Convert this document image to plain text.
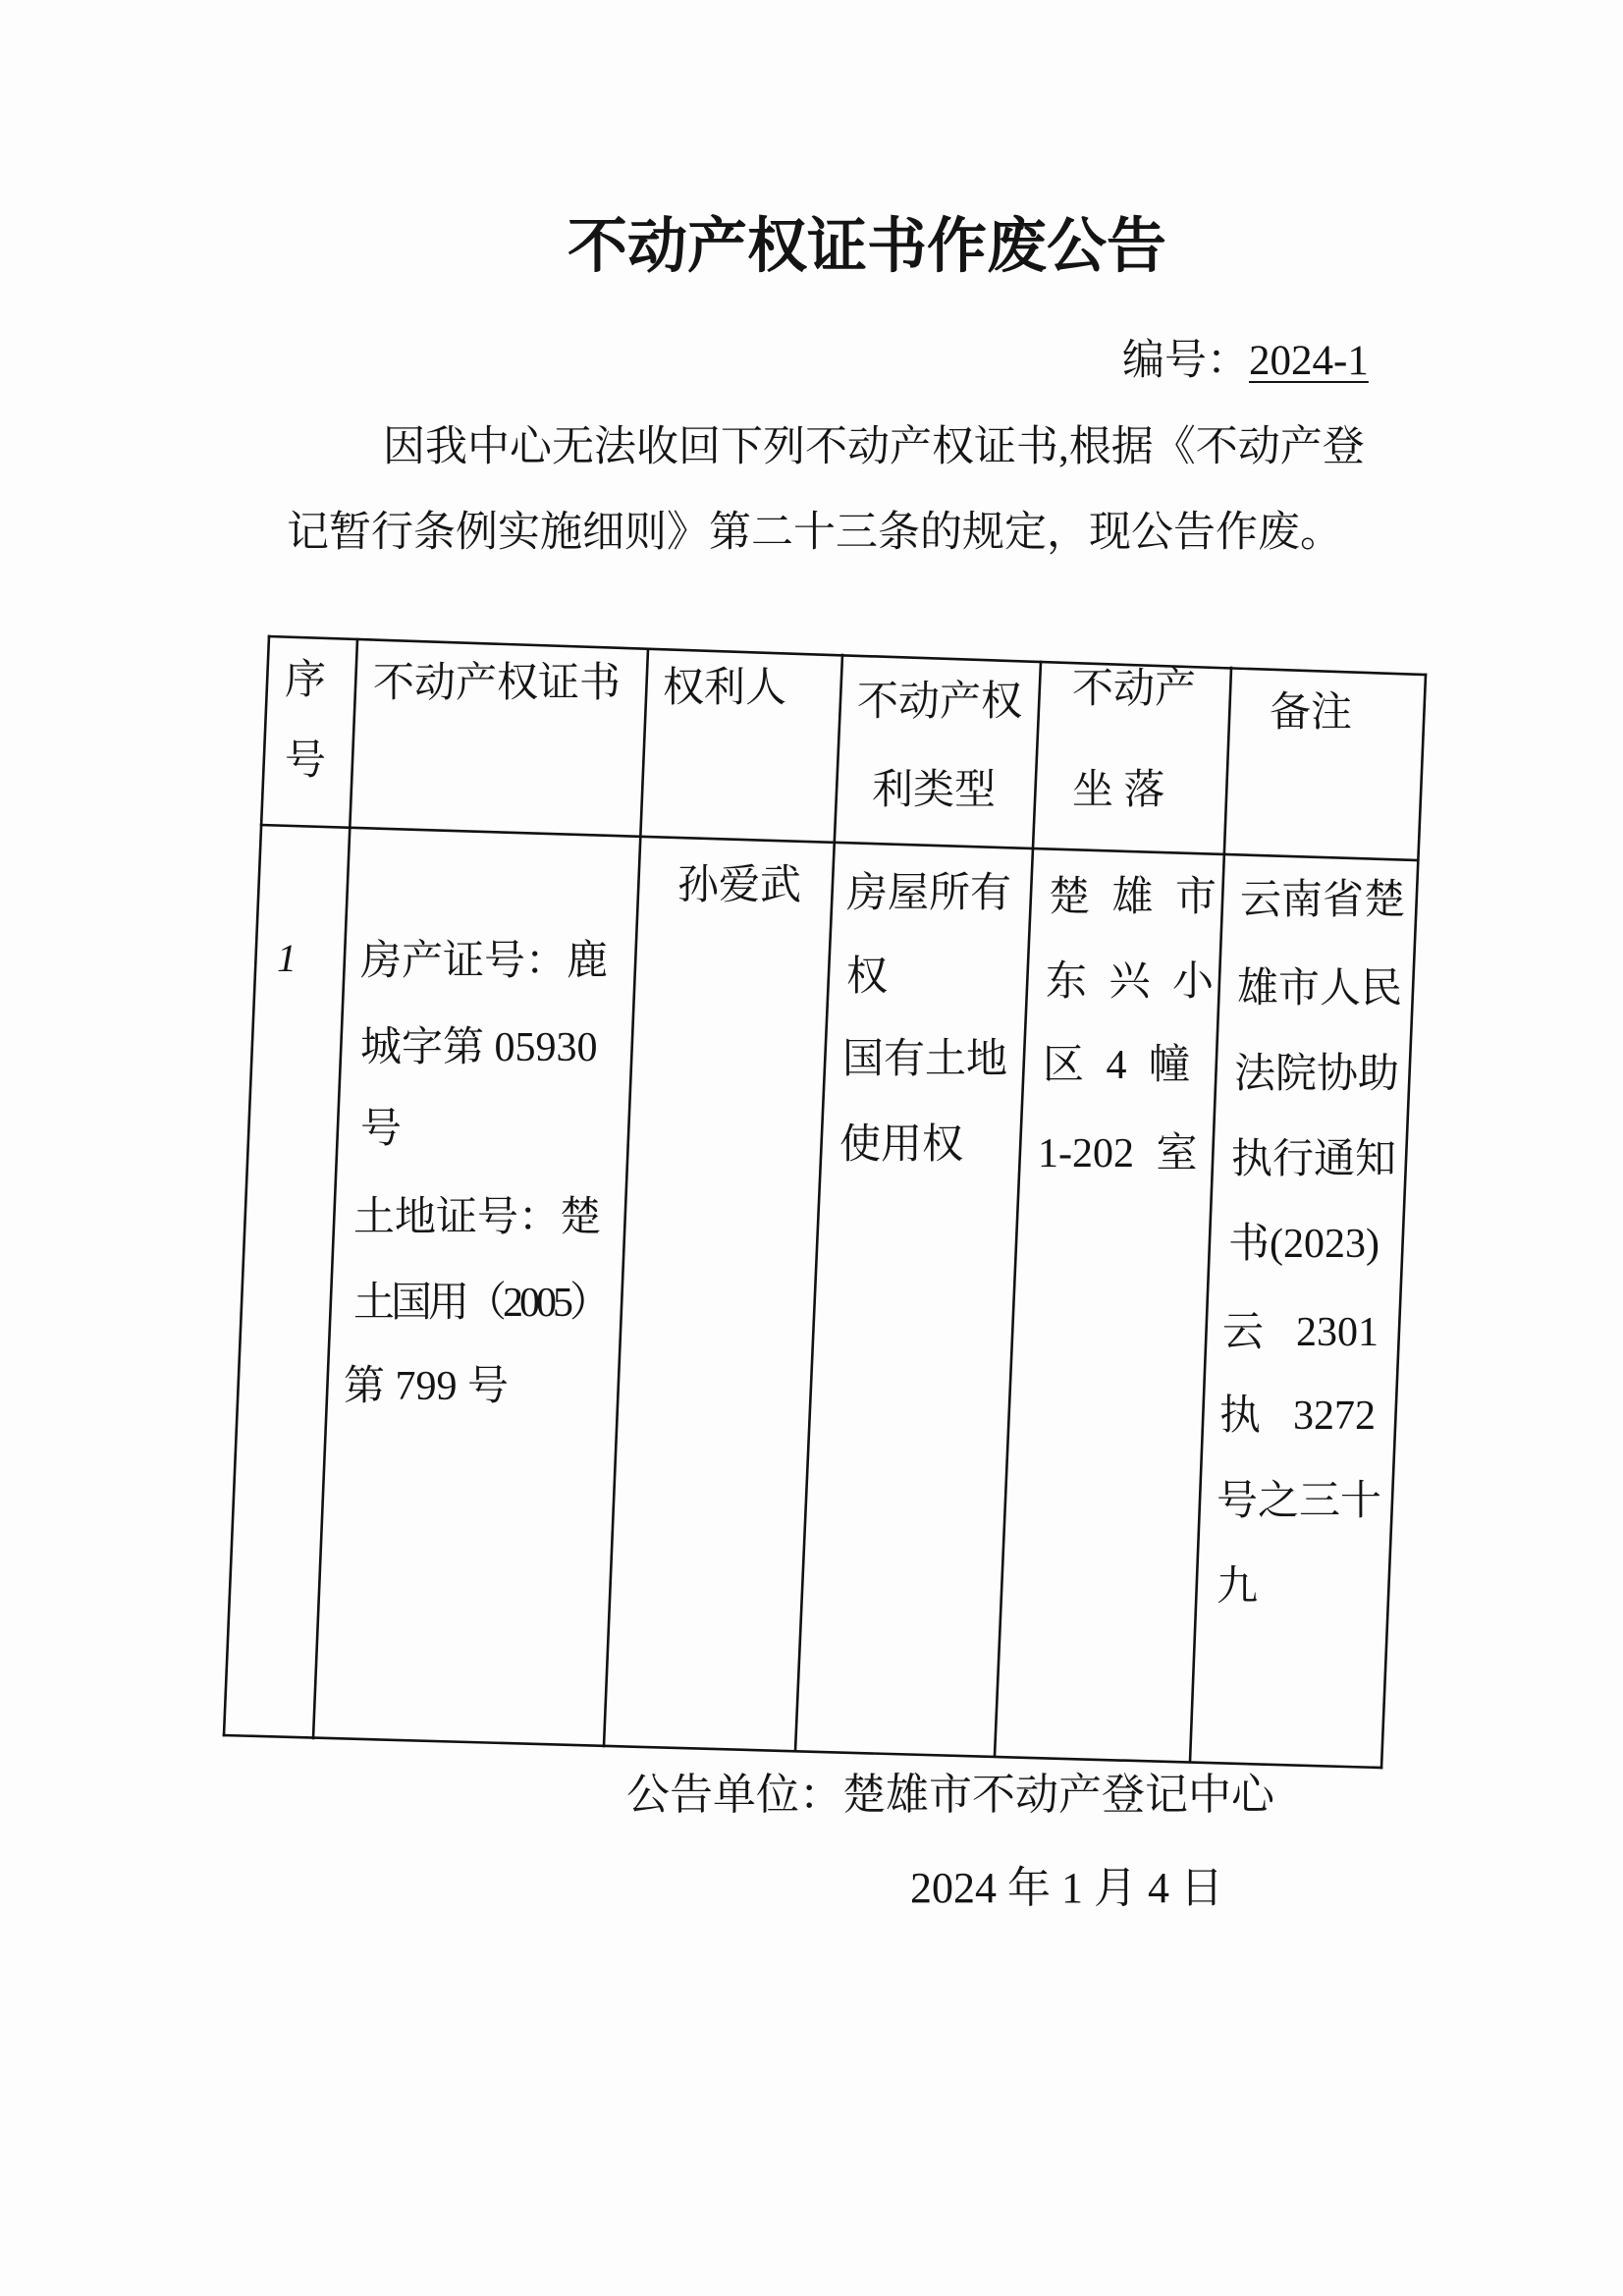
不动产权证书作废公告
编号：2024-1
因我中心无法收回下列不动产权证书,根据《不动产登
记暂行条例实施细则》第二十三条的规定，现公告作废。
序
号
不动产权证书 权利人 不动产权
利类型
不动产
坐 落
备注
1 房产证号：鹿
城字第 05930
号
土地证号：楚
土国用（2005）
第 799 号
孙爱武 房屋所有
权
国有土地
使用权
楚 雄 市
东 兴 小
区 4 幢
1-202 室
云南省楚
雄市人民
法院协助
执行通知
书(2023)
云  2301
执  3272
号之三十
九
公告单位：楚雄市不动产登记中心
2024 年 1 月 4 日
